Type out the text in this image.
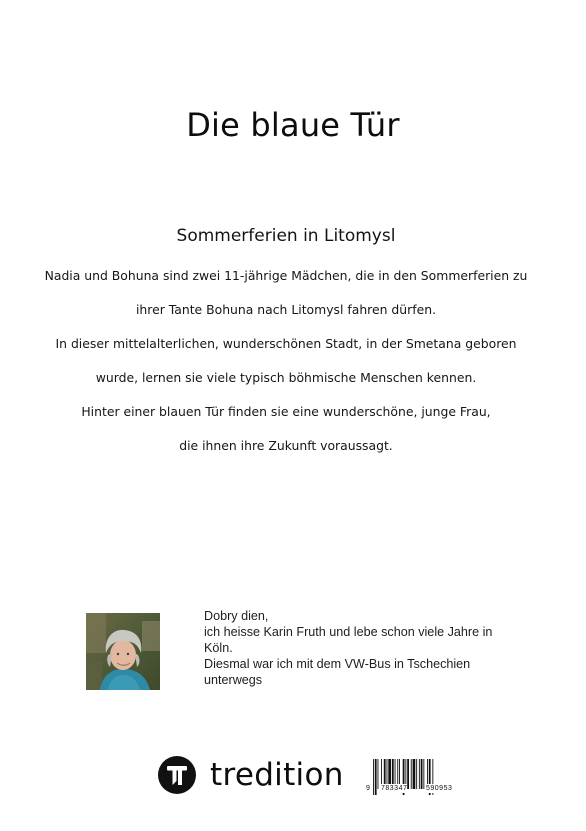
Die blaue Tür
Sommerferien in Litomysl
Nadia und Bohuna sind zwei 11-jährige Mädchen, die in den Sommerferien zu
ihrer Tante Bohuna nach Litomysl fahren dürfen.
In dieser mittelalterlichen, wunderschönen Stadt, in der Smetana geboren
wurde, lernen sie viele typisch böhmische Menschen kennen.
Hinter einer blauen Tür finden sie eine wunderschöne, junge Frau,
die ihnen ihre Zukunft voraussagt.
Dobry dien,
ich heisse Karin Fruth und lebe schon viele Jahre in
Köln.
Diesmal war ich mit dem VW-Bus in Tschechien
unterwegs
tredition	9 783347	590953
